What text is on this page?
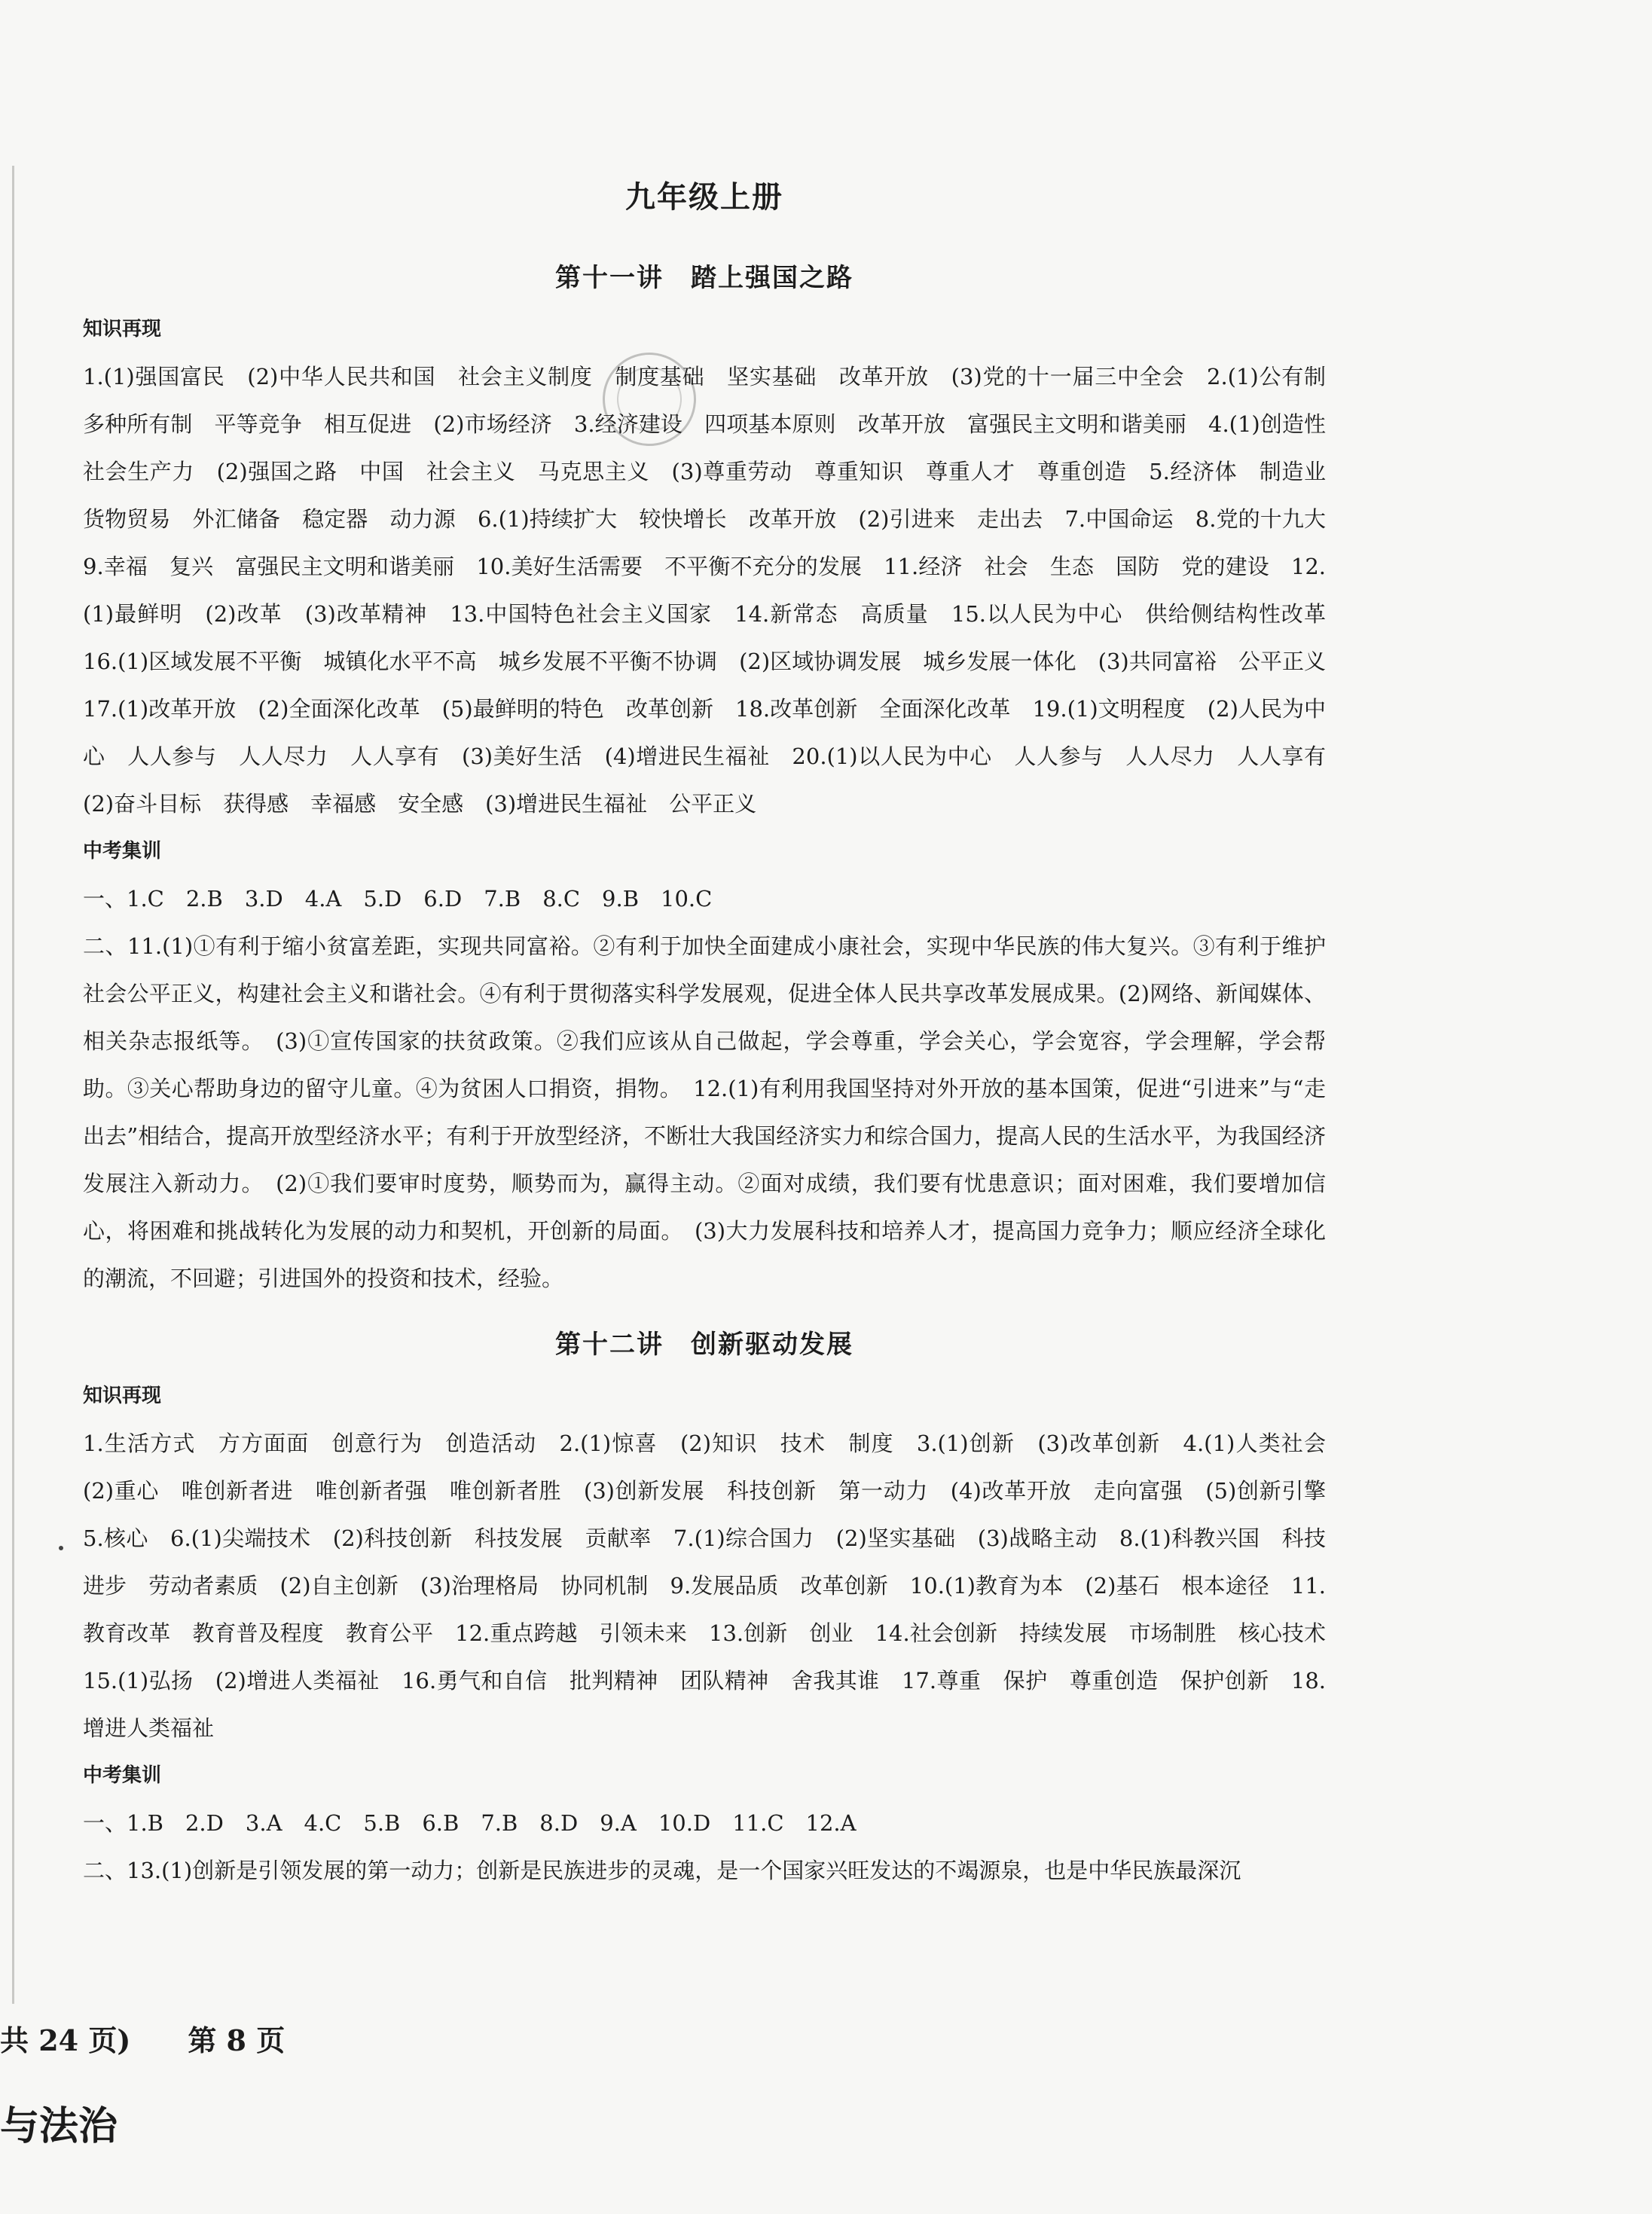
九年级上册
第十一讲　踏上强国之路
知识再现

1.(1)强国富民　(2)中华人民共和国　社会主义制度　制度基础　坚实基础　改革开放　(3)党的十一届三中全会　2.(1)公有制　多种所有制　平等竞争　相互促进　(2)市场经济　3.经济建设　四项基本原则　改革开放　富强民主文明和谐美丽　4.(1)创造性　社会生产力　(2)强国之路　中国　社会主义　马克思主义　(3)尊重劳动　尊重知识　尊重人才　尊重创造　5.经济体　制造业　货物贸易　外汇储备　稳定器　动力源　6.(1)持续扩大　较快增长　改革开放　(2)引进来　走出去　7.中国命运　8.党的十九大　9.幸福　复兴　富强民主文明和谐美丽　10.美好生活需要　不平衡不充分的发展　11.经济　社会　生态　国防　党的建设　12.(1)最鲜明　(2)改革　(3)改革精神　13.中国特色社会主义国家　14.新常态　高质量　15.以人民为中心　供给侧结构性改革　16.(1)区域发展不平衡　城镇化水平不高　城乡发展不平衡不协调　(2)区域协调发展　城乡发展一体化　(3)共同富裕　公平正义　17.(1)改革开放　(2)全面深化改革　(5)最鲜明的特色　改革创新　18.改革创新　全面深化改革　19.(1)文明程度　(2)人民为中心　人人参与　人人尽力　人人享有　(3)美好生活　(4)增进民生福祉　20.(1)以人民为中心　人人参与　人人尽力　人人享有　(2)奋斗目标　获得感　幸福感　安全感　(3)增进民生福祉　公平正义

中考集训

一、1.C　2.B　3.D　4.A　5.D　6.D　7.B　8.C　9.B　10.C

二、11.(1)①有利于缩小贫富差距，实现共同富裕。②有利于加快全面建成小康社会，实现中华民族的伟大复兴。③有利于维护社会公平正义，构建社会主义和谐社会。④有利于贯彻落实科学发展观，促进全体人民共享改革发展成果。(2)网络、新闻媒体、相关杂志报纸等。　(3)①宣传国家的扶贫政策。②我们应该从自己做起，学会尊重，学会关心，学会宽容，学会理解，学会帮助。③关心帮助身边的留守儿童。④为贫困人口捐资，捐物。　12.(1)有利用我国坚持对外开放的基本国策，促进“引进来”与“走出去”相结合，提高开放型经济水平；有利于开放型经济，不断壮大我国经济实力和综合国力，提高人民的生活水平，为我国经济发展注入新动力。　(2)①我们要审时度势，顺势而为，赢得主动。②面对成绩，我们要有忧患意识；面对困难，我们要增加信心，将困难和挑战转化为发展的动力和契机，开创新的局面。　(3)大力发展科技和培养人才，提高国力竞争力；顺应经济全球化的潮流，不回避；引进国外的投资和技术，经验。

第十二讲　创新驱动发展
知识再现

1.生活方式　方方面面　创意行为　创造活动　2.(1)惊喜　(2)知识　技术　制度　3.(1)创新　(3)改革创新　4.(1)人类社会　(2)重心　唯创新者进　唯创新者强　唯创新者胜　(3)创新发展　科技创新　第一动力　(4)改革开放　走向富强　(5)创新引擎　5.核心　6.(1)尖端技术　(2)科技创新　科技发展　贡献率　7.(1)综合国力　(2)坚实基础　(3)战略主动　8.(1)科教兴国　科技进步　劳动者素质　(2)自主创新　(3)治理格局　协同机制　9.发展品质　改革创新　10.(1)教育为本　(2)基石　根本途径　11.教育改革　教育普及程度　教育公平　12.重点跨越　引领未来　13.创新　创业　14.社会创新　持续发展　市场制胜　核心技术　15.(1)弘扬　(2)增进人类福祉　16.勇气和自信　批判精神　团队精神　舍我其谁　17.尊重　保护　尊重创造　保护创新　18.增进人类福祉

中考集训

一、1.B　2.D　3.A　4.C　5.B　6.B　7.B　8.D　9.A　10.D　11.C　12.A

二、13.(1)创新是引领发展的第一动力；创新是民族进步的灵魂，是一个国家兴旺发达的不竭源泉，也是中华民族最深沉

共 24 页)　　第 8 页
与法治
